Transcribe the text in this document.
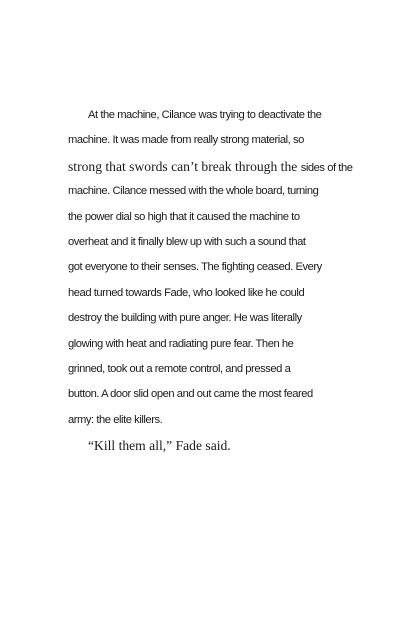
At the machine, Cilance was trying to deactivate the
machine. It was made from really strong material, so
strong that swords can’t break through the sides of the
machine. Cilance messed with the whole board, turning
the power dial so high that it caused the machine to
overheat and it finally blew up with such a sound that
got everyone to their senses. The fighting ceased. Every
head turned towards Fade, who looked like he could
destroy the building with pure anger. He was literally
glowing with heat and radiating pure fear. Then he
grinned, took out a remote control, and pressed a
button. A door slid open and out came the most feared
army: the elite killers.
“Kill them all,” Fade said.
